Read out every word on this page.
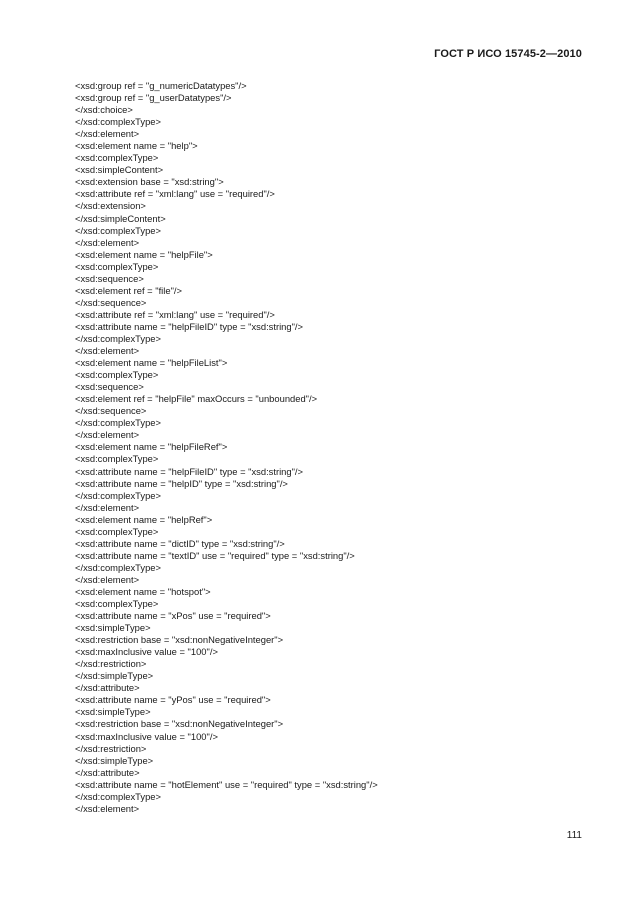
ГОСТ Р ИСО 15745-2—2010
<xsd:group ref = "g_numericDatatypes"/>
<xsd:group ref = "g_userDatatypes"/>
</xsd:choice>
</xsd:complexType>
</xsd:element>
<xsd:element name = "help">
<xsd:complexType>
<xsd:simpleContent>
<xsd:extension base = "xsd:string">
<xsd:attribute ref = "xml:lang" use = "required"/>
</xsd:extension>
</xsd:simpleContent>
</xsd:complexType>
</xsd:element>
<xsd:element name = "helpFile">
<xsd:complexType>
<xsd:sequence>
<xsd:element ref = "file"/>
</xsd:sequence>
<xsd:attribute ref = "xml:lang" use = "required"/>
<xsd:attribute name = "helpFileID" type = "xsd:string"/>
</xsd:complexType>
</xsd:element>
<xsd:element name = "helpFileList">
<xsd:complexType>
<xsd:sequence>
<xsd:element ref = "helpFile" maxOccurs = "unbounded"/>
</xsd:sequence>
</xsd:complexType>
</xsd:element>
<xsd:element name = "helpFileRef">
<xsd:complexType>
<xsd:attribute name = "helpFileID" type = "xsd:string"/>
<xsd:attribute name = "helpID" type = "xsd:string"/>
</xsd:complexType>
</xsd:element>
<xsd:element name = "helpRef">
<xsd:complexType>
<xsd:attribute name = "dictID" type = "xsd:string"/>
<xsd:attribute name = "textID" use = "required" type = "xsd:string"/>
</xsd:complexType>
</xsd:element>
<xsd:element name = "hotspot">
<xsd:complexType>
<xsd:attribute name = "xPos" use = "required">
<xsd:simpleType>
<xsd:restriction base = "xsd:nonNegativeInteger">
<xsd:maxInclusive value = "100"/>
</xsd:restriction>
</xsd:simpleType>
</xsd:attribute>
<xsd:attribute name = "yPos" use = "required">
<xsd:simpleType>
<xsd:restriction base = "xsd:nonNegativeInteger">
<xsd:maxInclusive value = "100"/>
</xsd:restriction>
</xsd:simpleType>
</xsd:attribute>
<xsd:attribute name = "hotElement" use = "required" type = "xsd:string"/>
</xsd:complexType>
</xsd:element>
111
